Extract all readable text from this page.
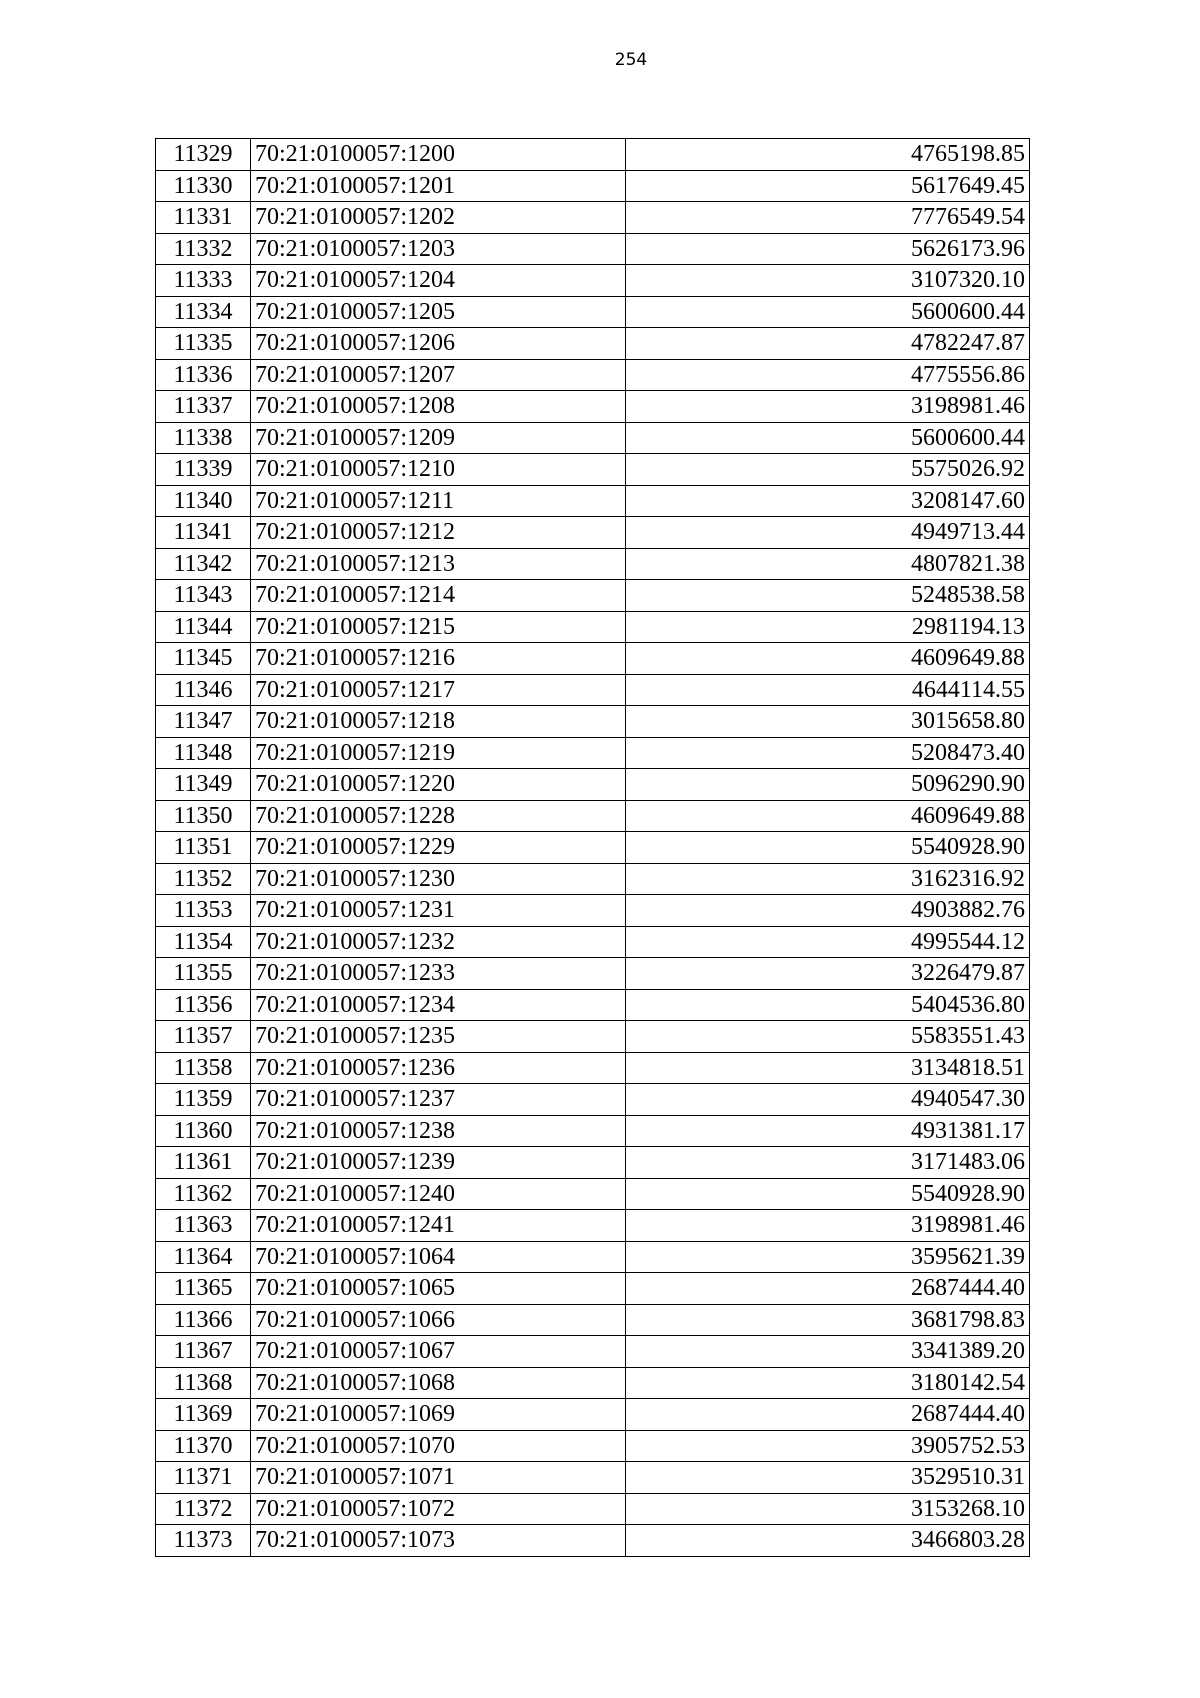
254
11329	70:21:0100057:1200	4765198.85
11330	70:21:0100057:1201	5617649.45
11331	70:21:0100057:1202	7776549.54
11332	70:21:0100057:1203	5626173.96
11333	70:21:0100057:1204	3107320.10
11334	70:21:0100057:1205	5600600.44
11335	70:21:0100057:1206	4782247.87
11336	70:21:0100057:1207	4775556.86
11337	70:21:0100057:1208	3198981.46
11338	70:21:0100057:1209	5600600.44
11339	70:21:0100057:1210	5575026.92
11340	70:21:0100057:1211	3208147.60
11341	70:21:0100057:1212	4949713.44
11342	70:21:0100057:1213	4807821.38
11343	70:21:0100057:1214	5248538.58
11344	70:21:0100057:1215	2981194.13
11345	70:21:0100057:1216	4609649.88
11346	70:21:0100057:1217	4644114.55
11347	70:21:0100057:1218	3015658.80
11348	70:21:0100057:1219	5208473.40
11349	70:21:0100057:1220	5096290.90
11350	70:21:0100057:1228	4609649.88
11351	70:21:0100057:1229	5540928.90
11352	70:21:0100057:1230	3162316.92
11353	70:21:0100057:1231	4903882.76
11354	70:21:0100057:1232	4995544.12
11355	70:21:0100057:1233	3226479.87
11356	70:21:0100057:1234	5404536.80
11357	70:21:0100057:1235	5583551.43
11358	70:21:0100057:1236	3134818.51
11359	70:21:0100057:1237	4940547.30
11360	70:21:0100057:1238	4931381.17
11361	70:21:0100057:1239	3171483.06
11362	70:21:0100057:1240	5540928.90
11363	70:21:0100057:1241	3198981.46
11364	70:21:0100057:1064	3595621.39
11365	70:21:0100057:1065	2687444.40
11366	70:21:0100057:1066	3681798.83
11367	70:21:0100057:1067	3341389.20
11368	70:21:0100057:1068	3180142.54
11369	70:21:0100057:1069	2687444.40
11370	70:21:0100057:1070	3905752.53
11371	70:21:0100057:1071	3529510.31
11372	70:21:0100057:1072	3153268.10
11373	70:21:0100057:1073	3466803.28
